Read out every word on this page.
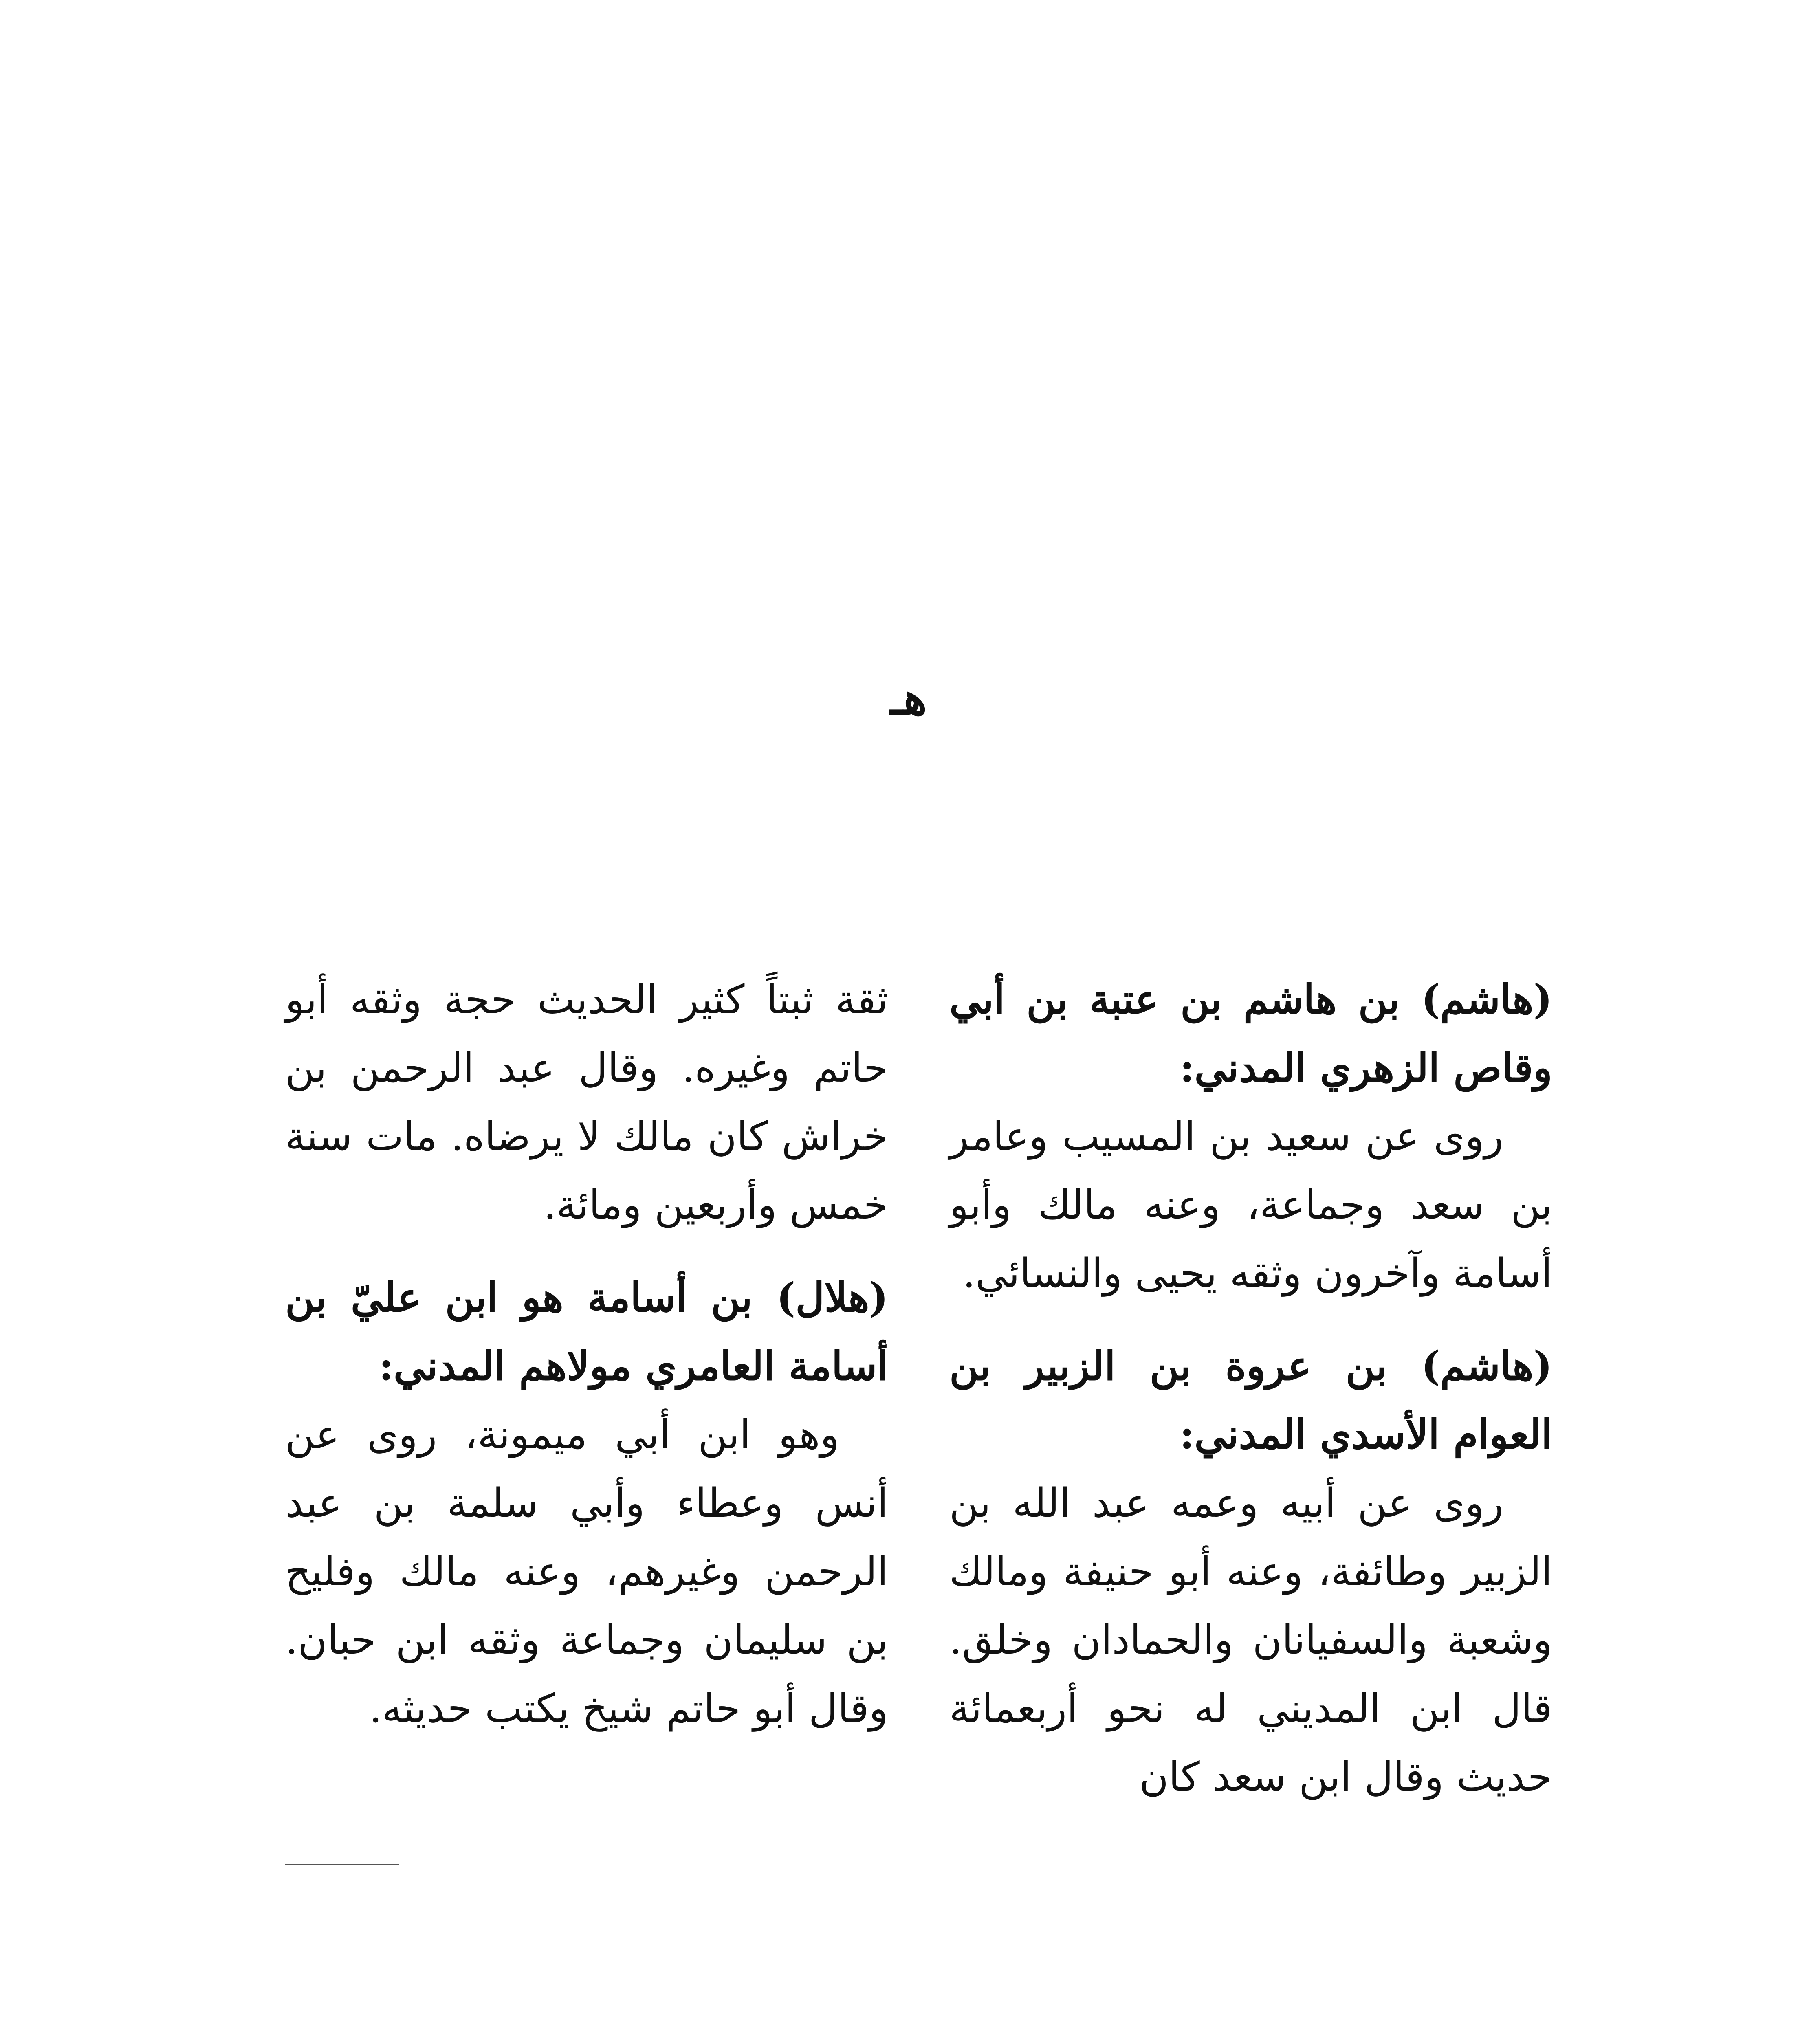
هـ

(هاشم) بن هاشم بن عتبة بن أبي وقاص الزهري المدني:

روى عن سعيد بن المسيب وعامر بن سعد وجماعة، وعنه مالك وأبو أسامة وآخرون وثقه يحيى والنسائي.

(هاشم) بن عروة بن الزبير بن العوام الأسدي المدني:

روى عن أبيه وعمه عبد الله بن الزبير وطائفة، وعنه أبو حنيفة ومالك وشعبة والسفيانان والحمادان وخلق. قال ابن المديني له نحو أربعمائة حديث وقال ابن سعد كان

ثقة ثبتاً كثير الحديث حجة وثقه أبو حاتم وغيره. وقال عبد الرحمن بن خراش كان مالك لا يرضاه. مات سنة خمس وأربعين ومائة.

(هلال) بن أسامة هو ابن عليّ بن أسامة العامري مولاهم المدني:

وهو ابن أبي ميمونة، روى عن أنس وعطاء وأبي سلمة بن عبد الرحمن وغيرهم، وعنه مالك وفليح بن سليمان وجماعة وثقه ابن حبان. وقال أبو حاتم شيخ يكتب حديثه.
